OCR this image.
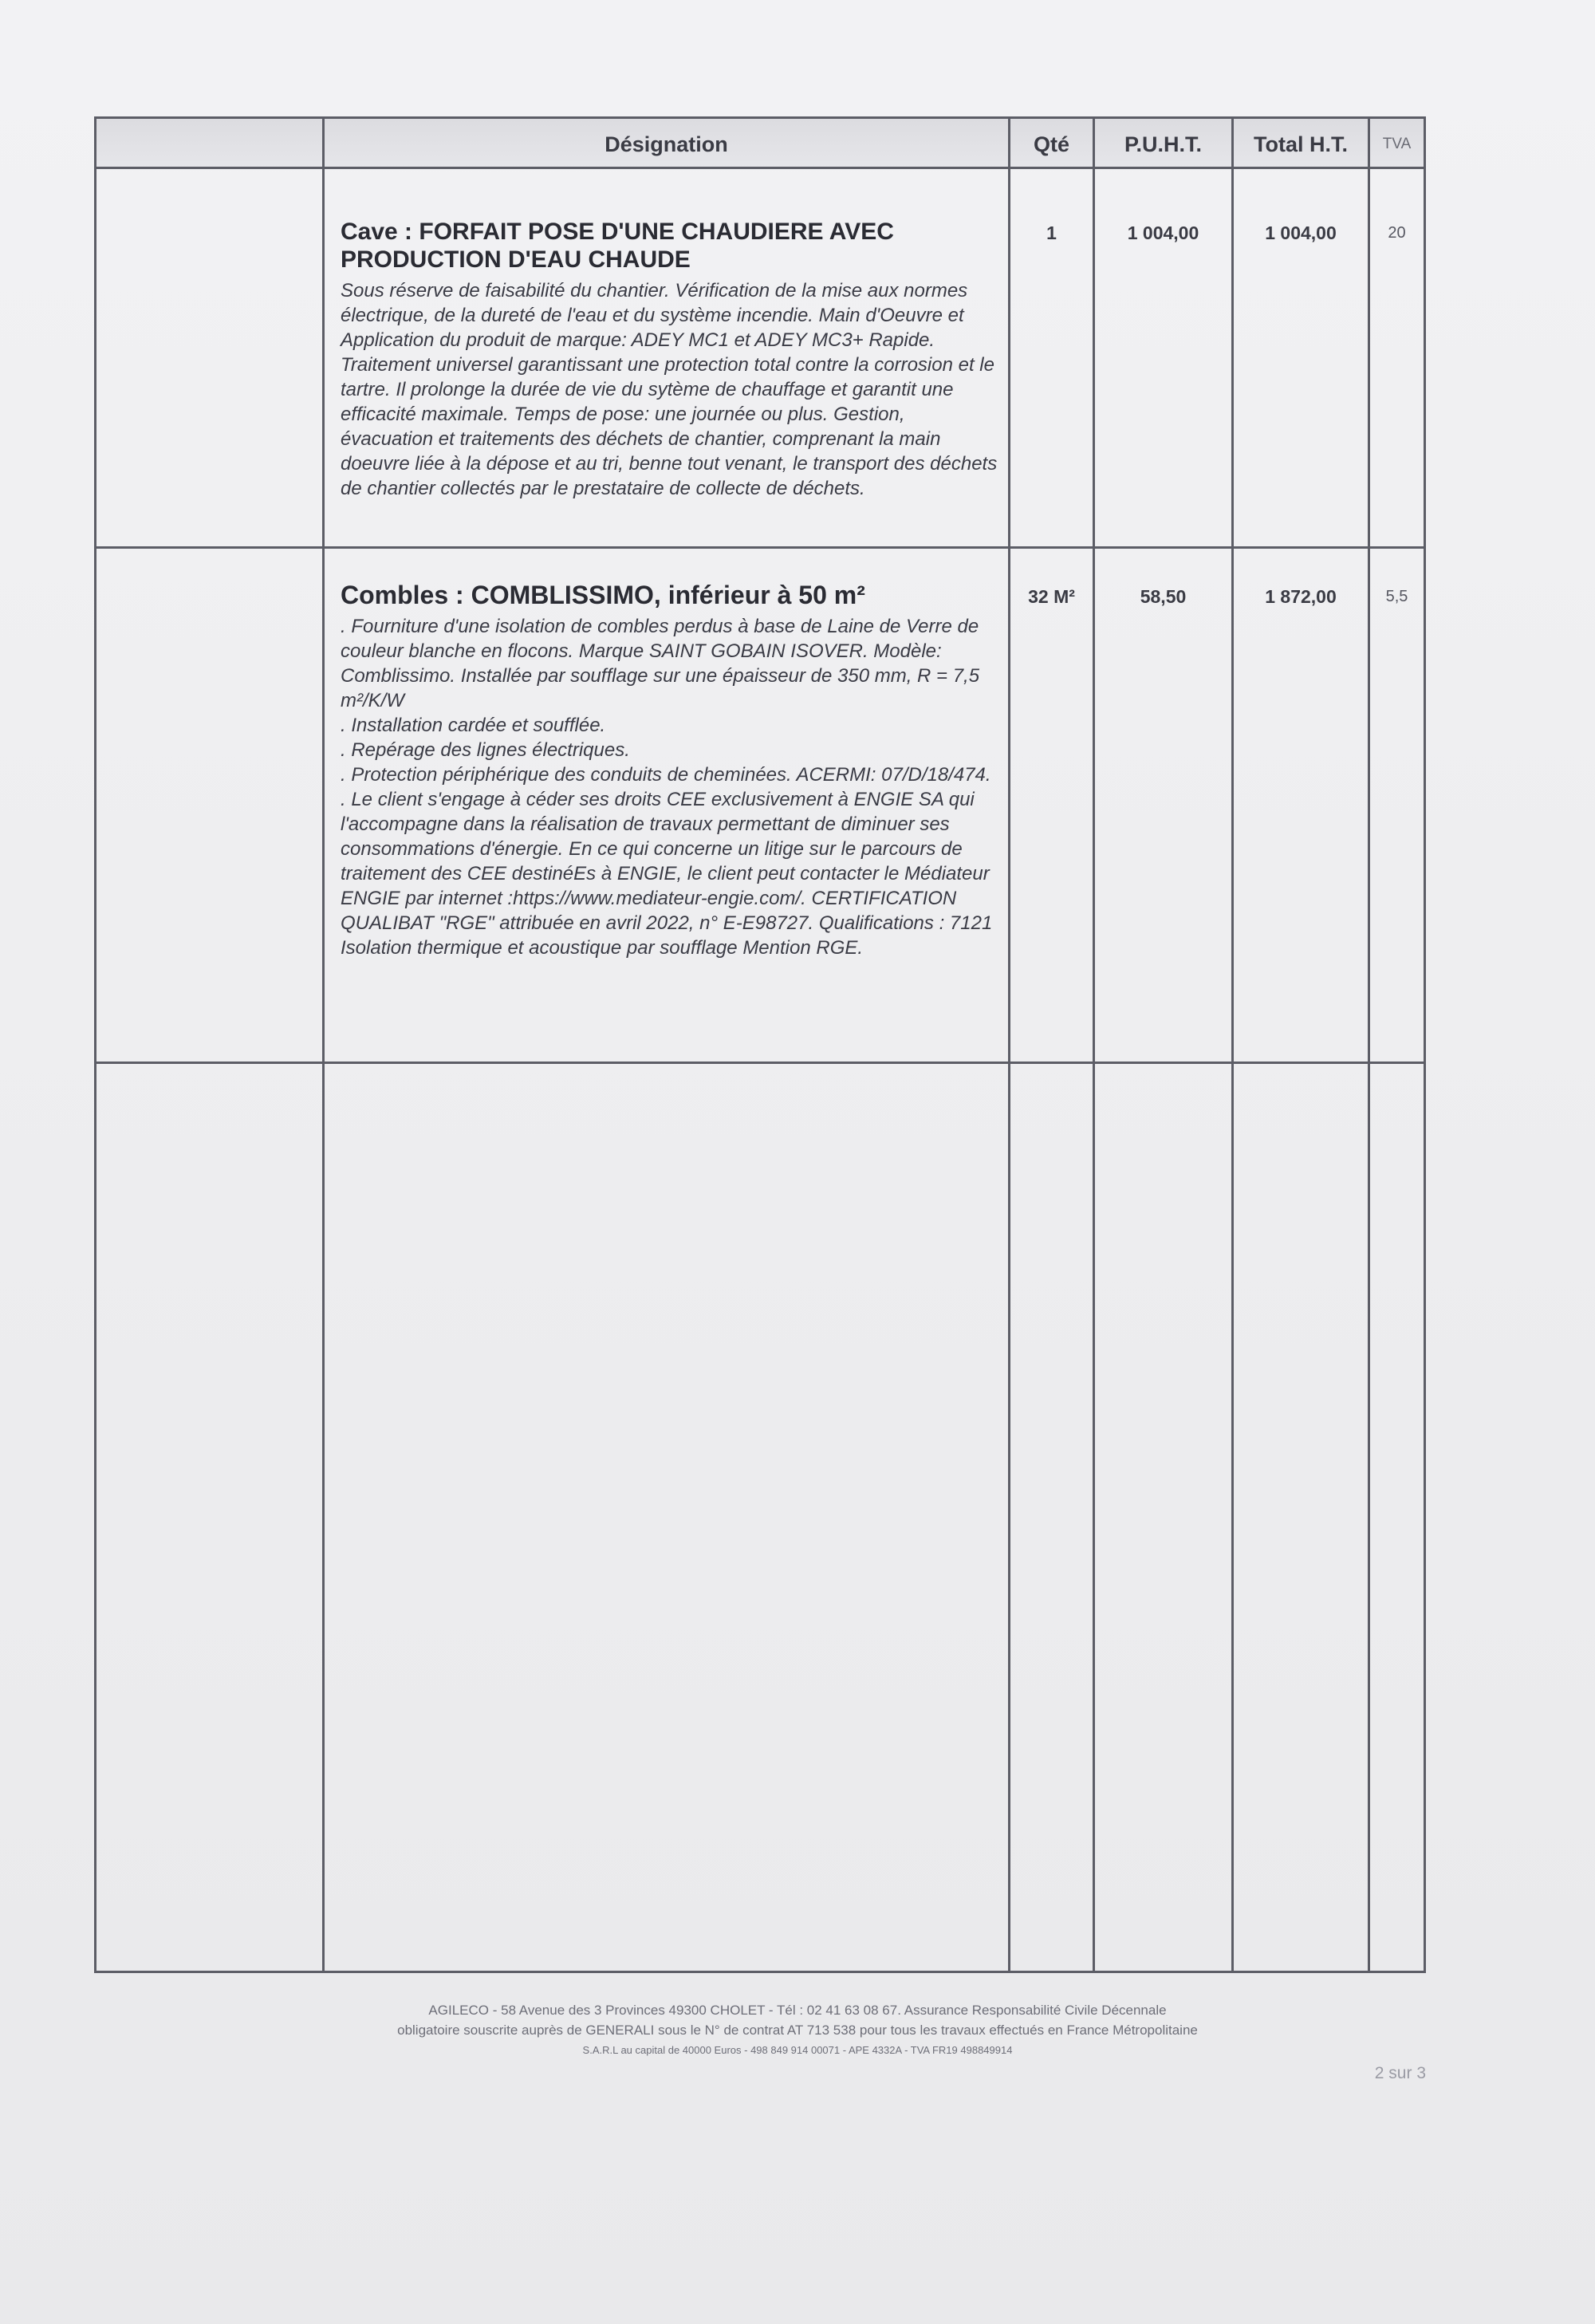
Désignation	Qté	P.U.H.T.	Total H.T.	TVA

Cave : FORFAIT POSE D'UNE CHAUDIERE AVEC PRODUCTION D'EAU CHAUDE

Sous réserve de faisabilité du chantier. Vérification de la mise aux normes électrique, de la dureté de l'eau et du système incendie. Main d'Oeuvre et Application du produit de marque: ADEY MC1 et ADEY MC3+ Rapide. Traitement universel garantissant une protection total contre la corrosion et le tartre. Il prolonge la durée de vie du sytème de chauffage et garantit une efficacité maximale. Temps de pose: une journée ou plus. Gestion, évacuation et traitements des déchets de chantier, comprenant la main doeuvre liée à la dépose et au tri, benne tout venant, le transport des déchets de chantier collectés par le prestataire de collecte de déchets.

1	1 004,00	1 004,00	20

Combles : COMBLISSIMO, inférieur à 50 m²

. Fourniture d'une isolation de combles perdus à base de Laine de Verre de couleur blanche en flocons. Marque SAINT GOBAIN ISOVER. Modèle: Comblissimo. Installée par soufflage sur une épaisseur de 350 mm, R = 7,5 m²/K/W
. Installation cardée et soufflée.
. Repérage des lignes électriques.
. Protection périphérique des conduits de cheminées. ACERMI: 07/D/18/474.
. Le client s'engage à céder ses droits CEE exclusivement à ENGIE SA qui l'accompagne dans la réalisation de travaux permettant de diminuer ses consommations d'énergie. En ce qui concerne un litige sur le parcours de traitement des CEE destinéEs à ENGIE, le client peut contacter le Médiateur ENGIE par internet :https://www.mediateur-engie.com/. CERTIFICATION QUALIBAT "RGE" attribuée en avril 2022, n° E-E98727. Qualifications : 7121 Isolation thermique et acoustique par soufflage Mention RGE.

32 M²	58,50	1 872,00	5,5
AGILECO - 58 Avenue des 3 Provinces 49300 CHOLET - Tél : 02 41 63 08 67. Assurance Responsabilité Civile Décennale
obligatoire souscrite auprès de GENERALI sous le N° de contrat AT 713 538 pour tous les travaux effectués en France Métropolitaine
S.A.R.L au capital de 40000 Euros - 498 849 914 00071 - APE 4332A - TVA FR19 498849914
2 sur 3
